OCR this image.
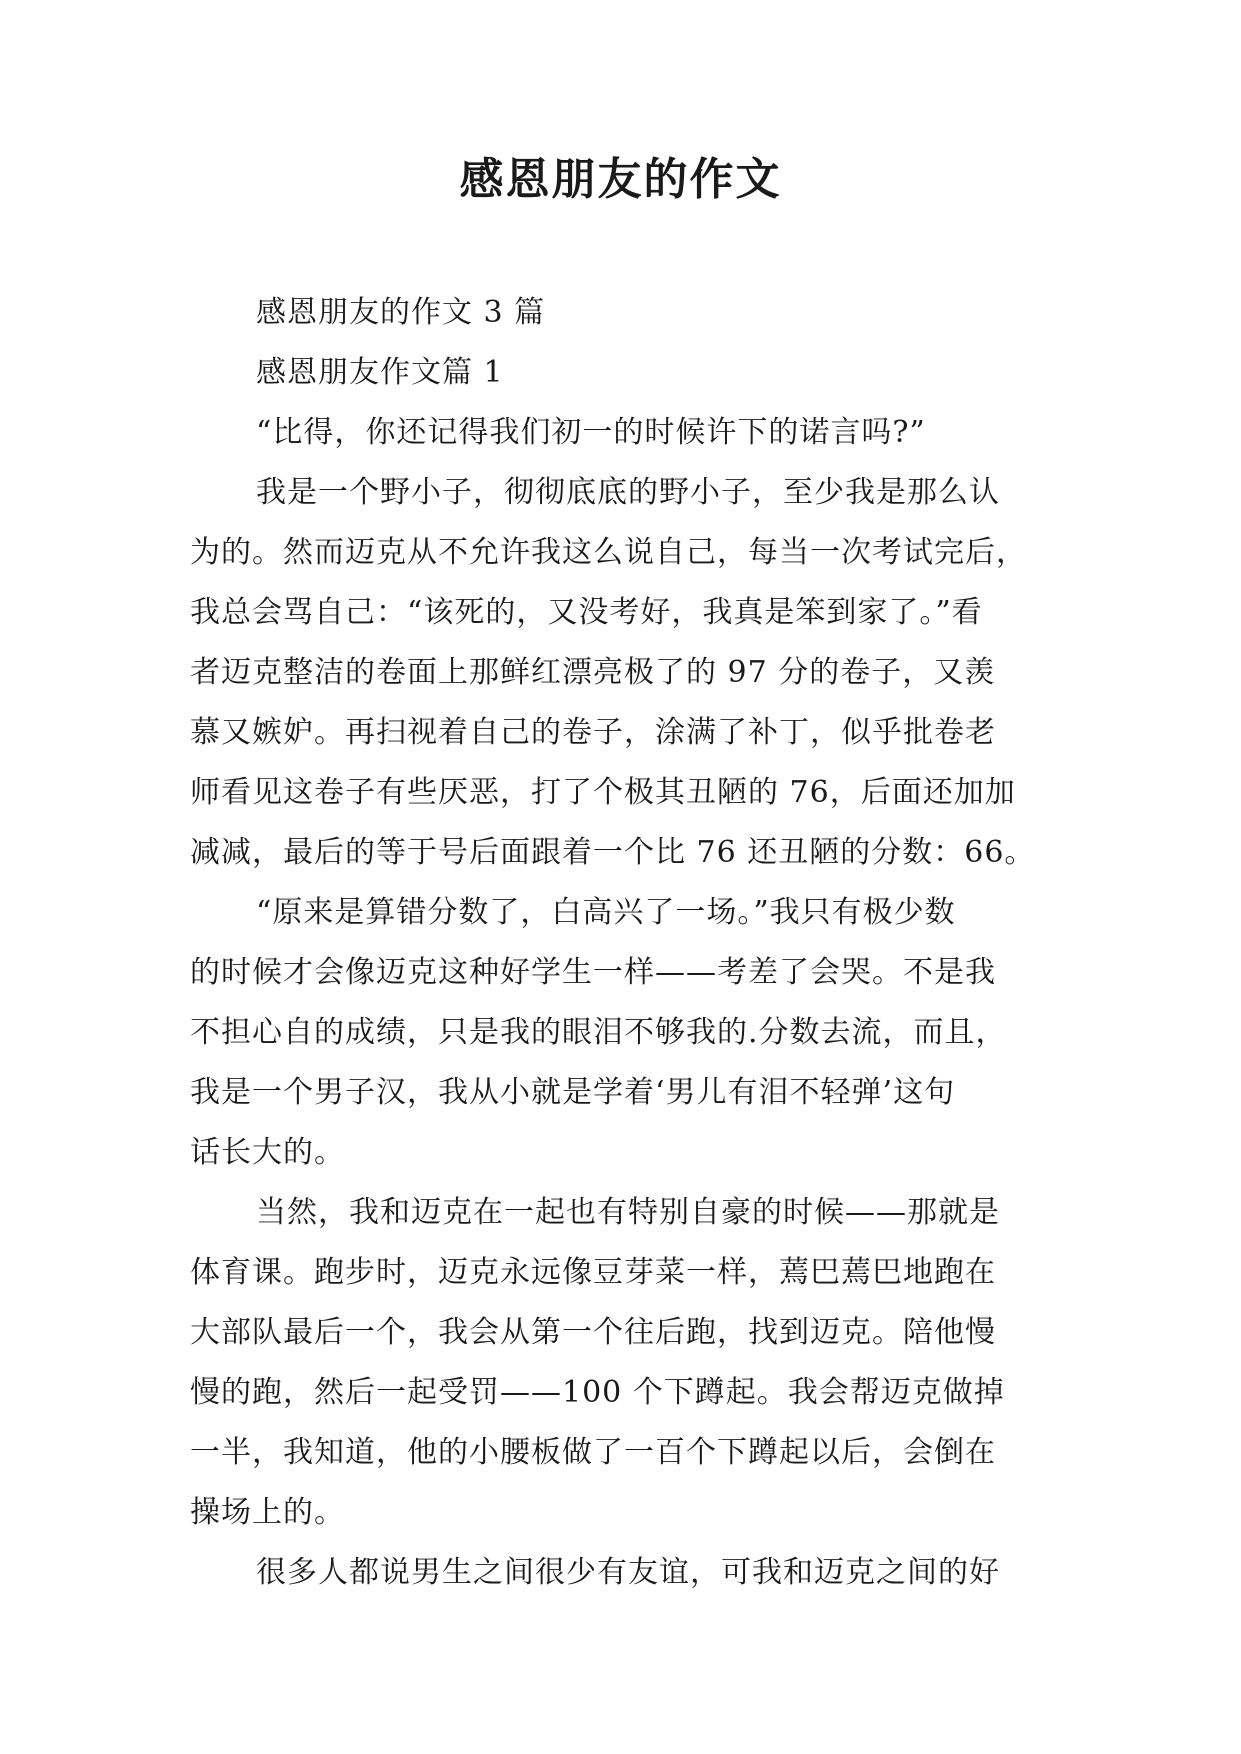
感恩朋友的作文
感恩朋友的作文 3 篇
感恩朋友作文篇 1
“比得，你还记得我们初一的时候许下的诺言吗?”
我是一个野小子，彻彻底底的野小子，至少我是那么认
为的。然而迈克从不允许我这么说自己，每当一次考试完后，
我总会骂自己：“该死的，又没考好，我真是笨到家了。”看
者迈克整洁的卷面上那鲜红漂亮极了的 97 分的卷子，又羡
慕又嫉妒。再扫视着自己的卷子，涂满了补丁，似乎批卷老
师看见这卷子有些厌恶，打了个极其丑陋的 76，后面还加加
减减，最后的等于号后面跟着一个比 76 还丑陋的分数：66。
“原来是算错分数了，白高兴了一场。”我只有极少数
的时候才会像迈克这种好学生一样——考差了会哭。不是我
不担心自的成绩，只是我的眼泪不够我的.分数去流，而且，
我是一个男子汉，我从小就是学着‘男儿有泪不轻弹’这句
话长大的。
当然，我和迈克在一起也有特别自豪的时候——那就是
体育课。跑步时，迈克永远像豆芽菜一样，蔫巴蔫巴地跑在
大部队最后一个，我会从第一个往后跑，找到迈克。陪他慢
慢的跑，然后一起受罚——100 个下蹲起。我会帮迈克做掉
一半，我知道，他的小腰板做了一百个下蹲起以后，会倒在
操场上的。
很多人都说男生之间很少有友谊，可我和迈克之间的好
